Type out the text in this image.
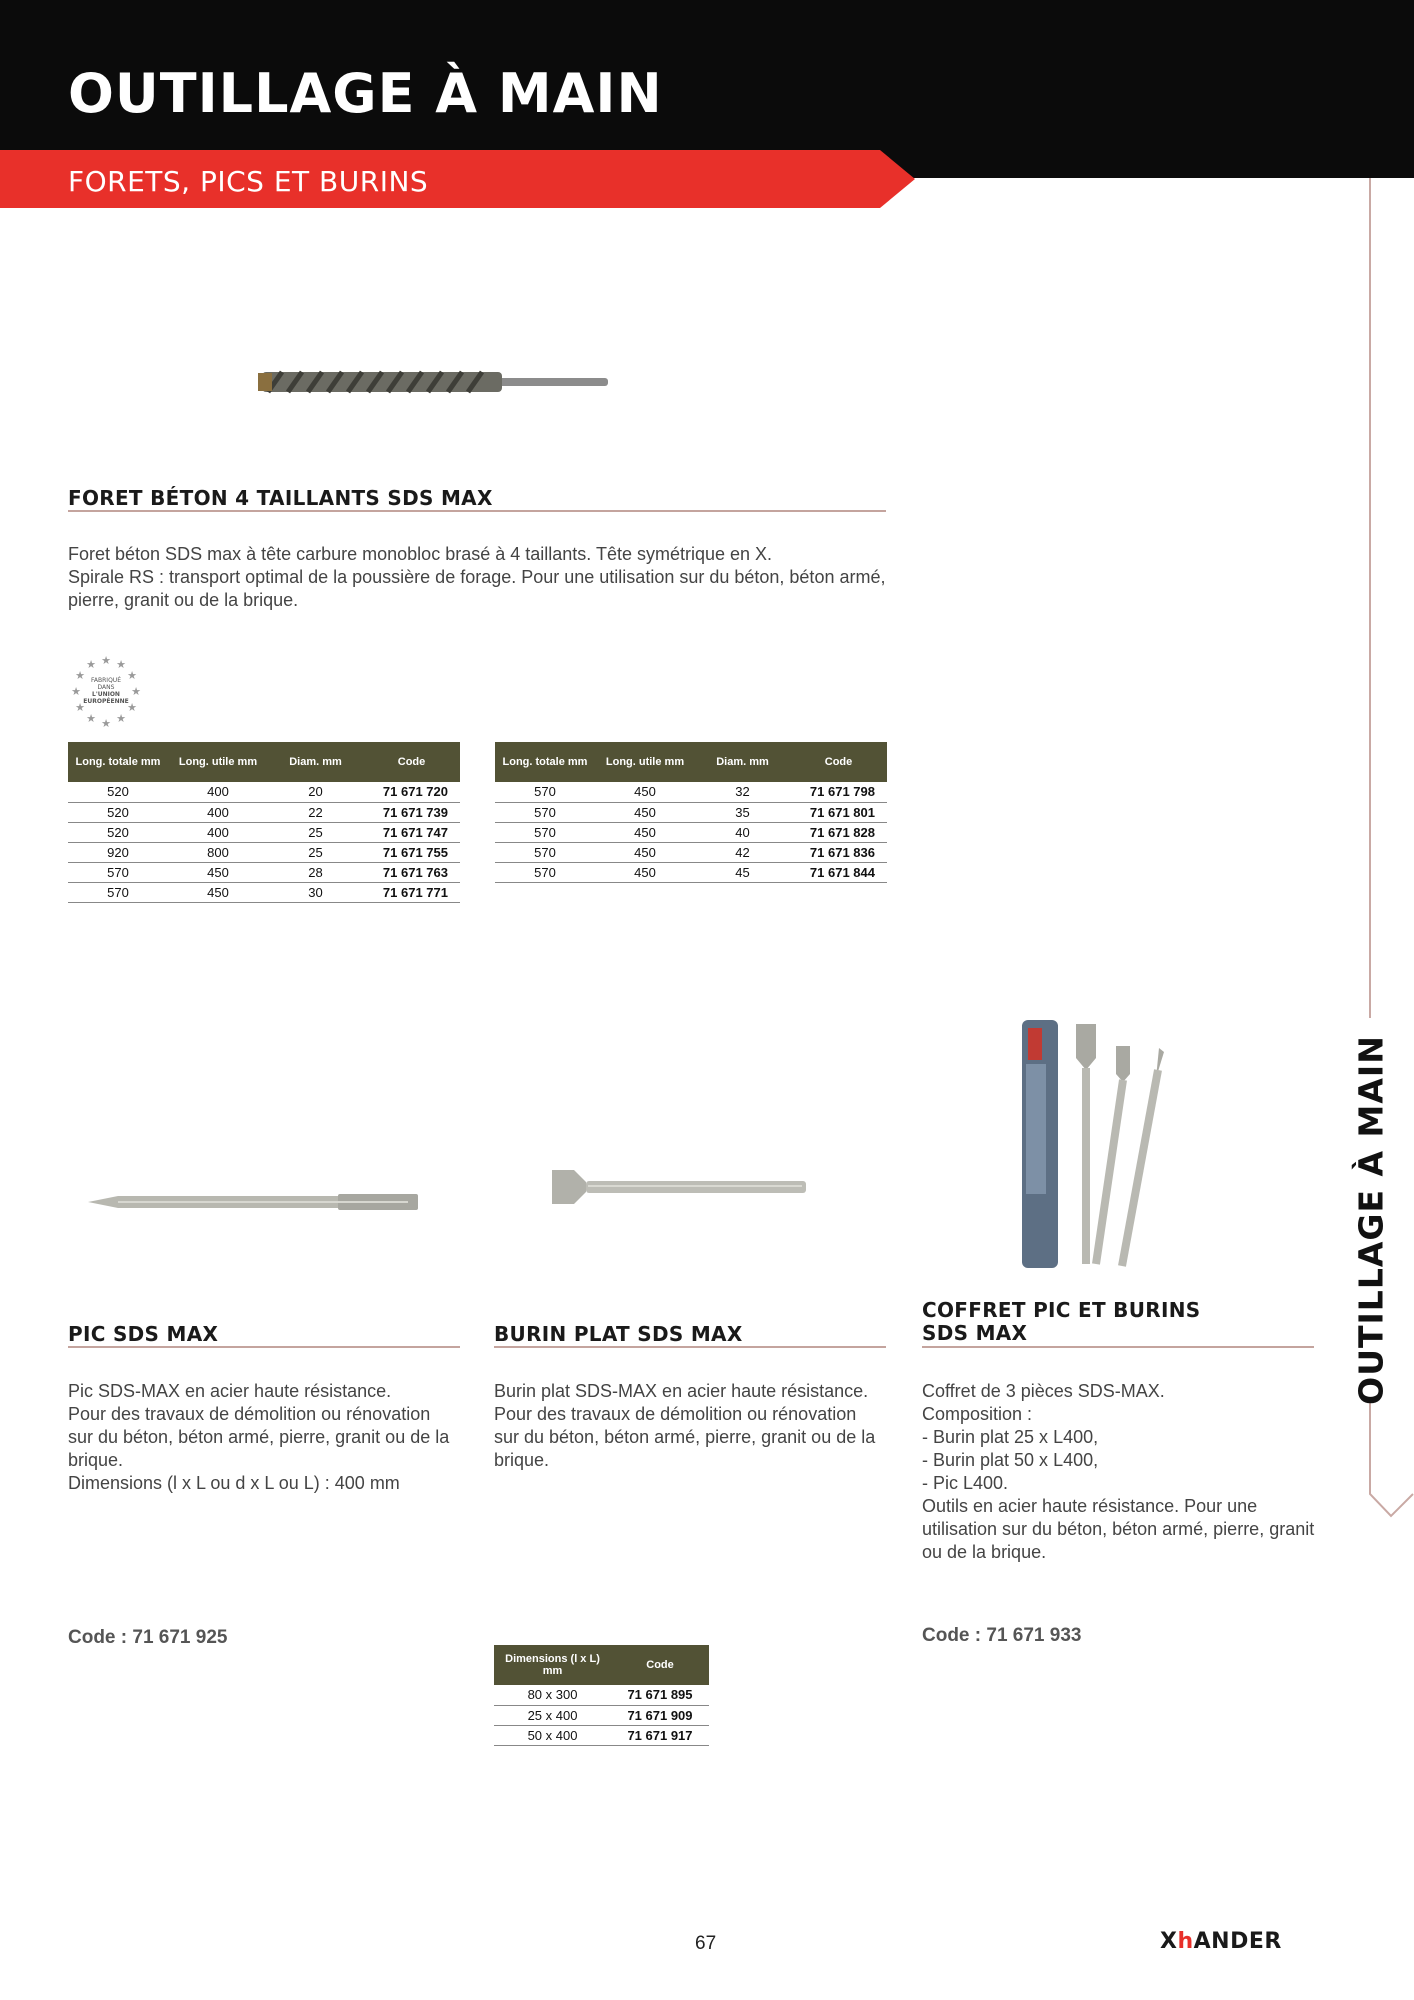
OUTILLAGE À MAIN
FORETS, PICS ET BURINS
OUTILLAGE À MAIN
FORET BÉTON 4 TAILLANTS SDS MAX
Foret béton SDS max à tête carbure monobloc brasé à 4 taillants. Tête symétrique en X.
Spirale RS : transport optimal de la poussière de forage. Pour une utilisation sur du béton, béton armé,
pierre, granit ou de la brique.
★ ★
★
★
★
★
★
★
★
★
★
★
FABRIQUÉ
DANS
L'UNION
EUROPÉENNE
Long. totale mm	Long. utile mm	Diam. mm	Code
520	400	20	71 671 720
520	400	22	71 671 739
520	400	25	71 671 747
920	800	25	71 671 755
570	450	28	71 671 763
570	450	30	71 671 771
Long. totale mm	Long. utile mm	Diam. mm	Code
570	450	32	71 671 798
570	450	35	71 671 801
570	450	40	71 671 828
570	450	42	71 671 836
570	450	45	71 671 844
PIC SDS MAX
Pic SDS-MAX en acier haute résistance.
Pour des travaux de démolition ou rénovation
sur du béton, béton armé, pierre, granit ou de la
brique.
Dimensions (l x L ou d x L ou L) : 400 mm
Code : 71 671 925
BURIN PLAT SDS MAX
Burin plat SDS-MAX en acier haute résistance.
Pour des travaux de démolition ou rénovation
sur du béton, béton armé, pierre, granit ou de la
brique.
Dimensions (l x L) mm	Code
80 x 300	71 671 895
25 x 400	71 671 909
50 x 400	71 671 917
COFFRET PIC ET BURINS
SDS MAX
Coffret de 3 pièces SDS-MAX.
Composition :
- Burin plat 25 x L400,
- Burin plat 50 x L400,
- Pic L400.
Outils en acier haute résistance. Pour une
utilisation sur du béton, béton armé, pierre, granit
ou de la brique.
Code : 71 671 933
67	XhANDER
